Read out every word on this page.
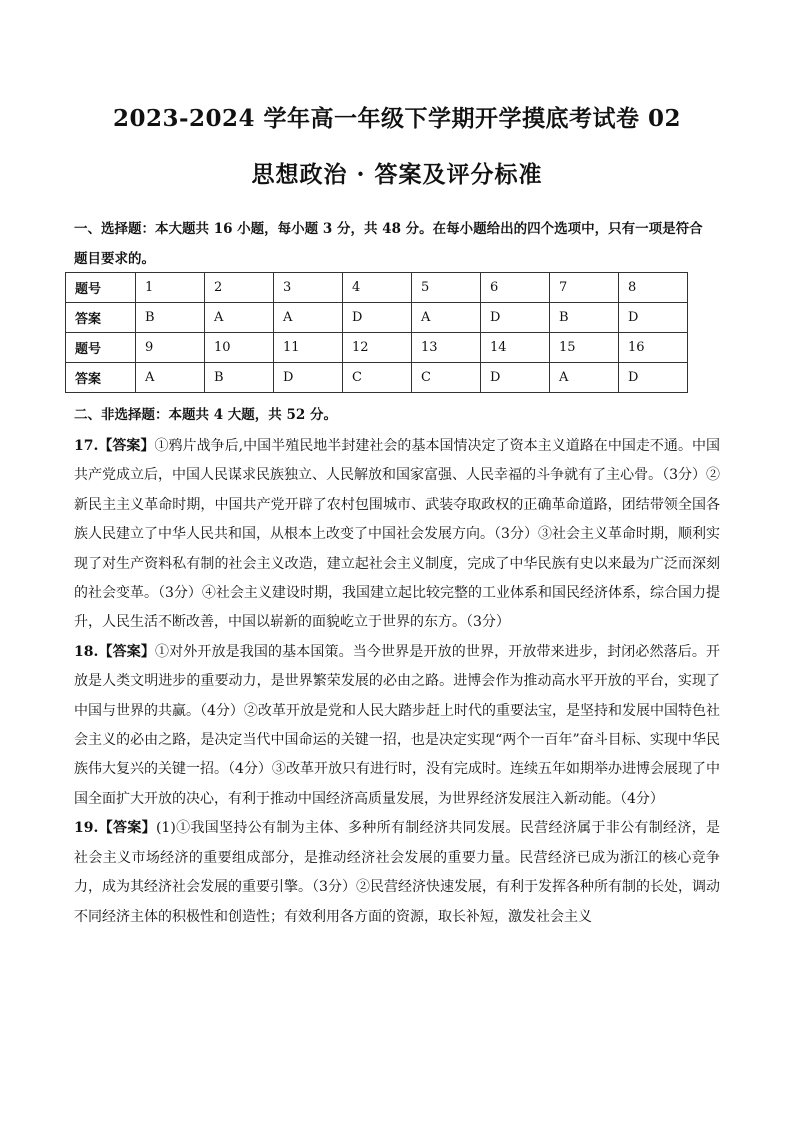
2023-2024 学年高一年级下学期开学摸底考试卷 02
思想政治 · 答案及评分标准
一、选择题：本大题共 16 小题，每小题 3 分，共 48 分。在每小题给出的四个选项中，只有一项是符合题目要求的。
题号	1	2	3	4	5	6	7	8
答案	B	A	A	D	A	D	B	D
题号	9	10	11	12	13	14	15	16
答案	A	B	D	C	C	D	A	D
二、非选择题：本题共 4 大题，共 52 分。

17.【答案】①鸦片战争后,中国半殖民地半封建社会的基本国情决定了资本主义道路在中国走不通。中国共产党成立后，中国人民谋求民族独立、人民解放和国家富强、人民幸福的斗争就有了主心骨。（3分）②新民主主义革命时期，中国共产党开辟了农村包围城市、武装夺取政权的正确革命道路，团结带领全国各族人民建立了中华人民共和国，从根本上改变了中国社会发展方向。（3分）③社会主义革命时期，顺利实现了对生产资料私有制的社会主义改造，建立起社会主义制度，完成了中华民族有史以来最为广泛而深刻的社会变革。（3分）④社会主义建设时期，我国建立起比较完整的工业体系和国民经济体系，综合国力提升，人民生活不断改善，中国以崭新的面貌屹立于世界的东方。（3分）

18.【答案】①对外开放是我国的基本国策。当今世界是开放的世界，开放带来进步，封闭必然落后。开放是人类文明进步的重要动力，是世界繁荣发展的必由之路。进博会作为推动高水平开放的平台，实现了中国与世界的共赢。（4分）②改革开放是党和人民大踏步赶上时代的重要法宝，是坚持和发展中国特色社会主义的必由之路，是决定当代中国命运的关键一招，也是决定实现“两个一百年”奋斗目标、实现中华民族伟大复兴的关键一招。（4分）③改革开放只有进行时，没有完成时。连续五年如期举办进博会展现了中国全面扩大开放的决心，有利于推动中国经济高质量发展，为世界经济发展注入新动能。（4分）

19.【答案】(1)①我国坚持公有制为主体、多种所有制经济共同发展。民营经济属于非公有制经济，是社会主义市场经济的重要组成部分，是推动经济社会发展的重要力量。民营经济已成为浙江的核心竞争力，成为其经济社会发展的重要引擎。（3分）②民营经济快速发展，有利于发挥各种所有制的长处，调动不同经济主体的积极性和创造性；有效利用各方面的资源，取长补短，激发社会主义
